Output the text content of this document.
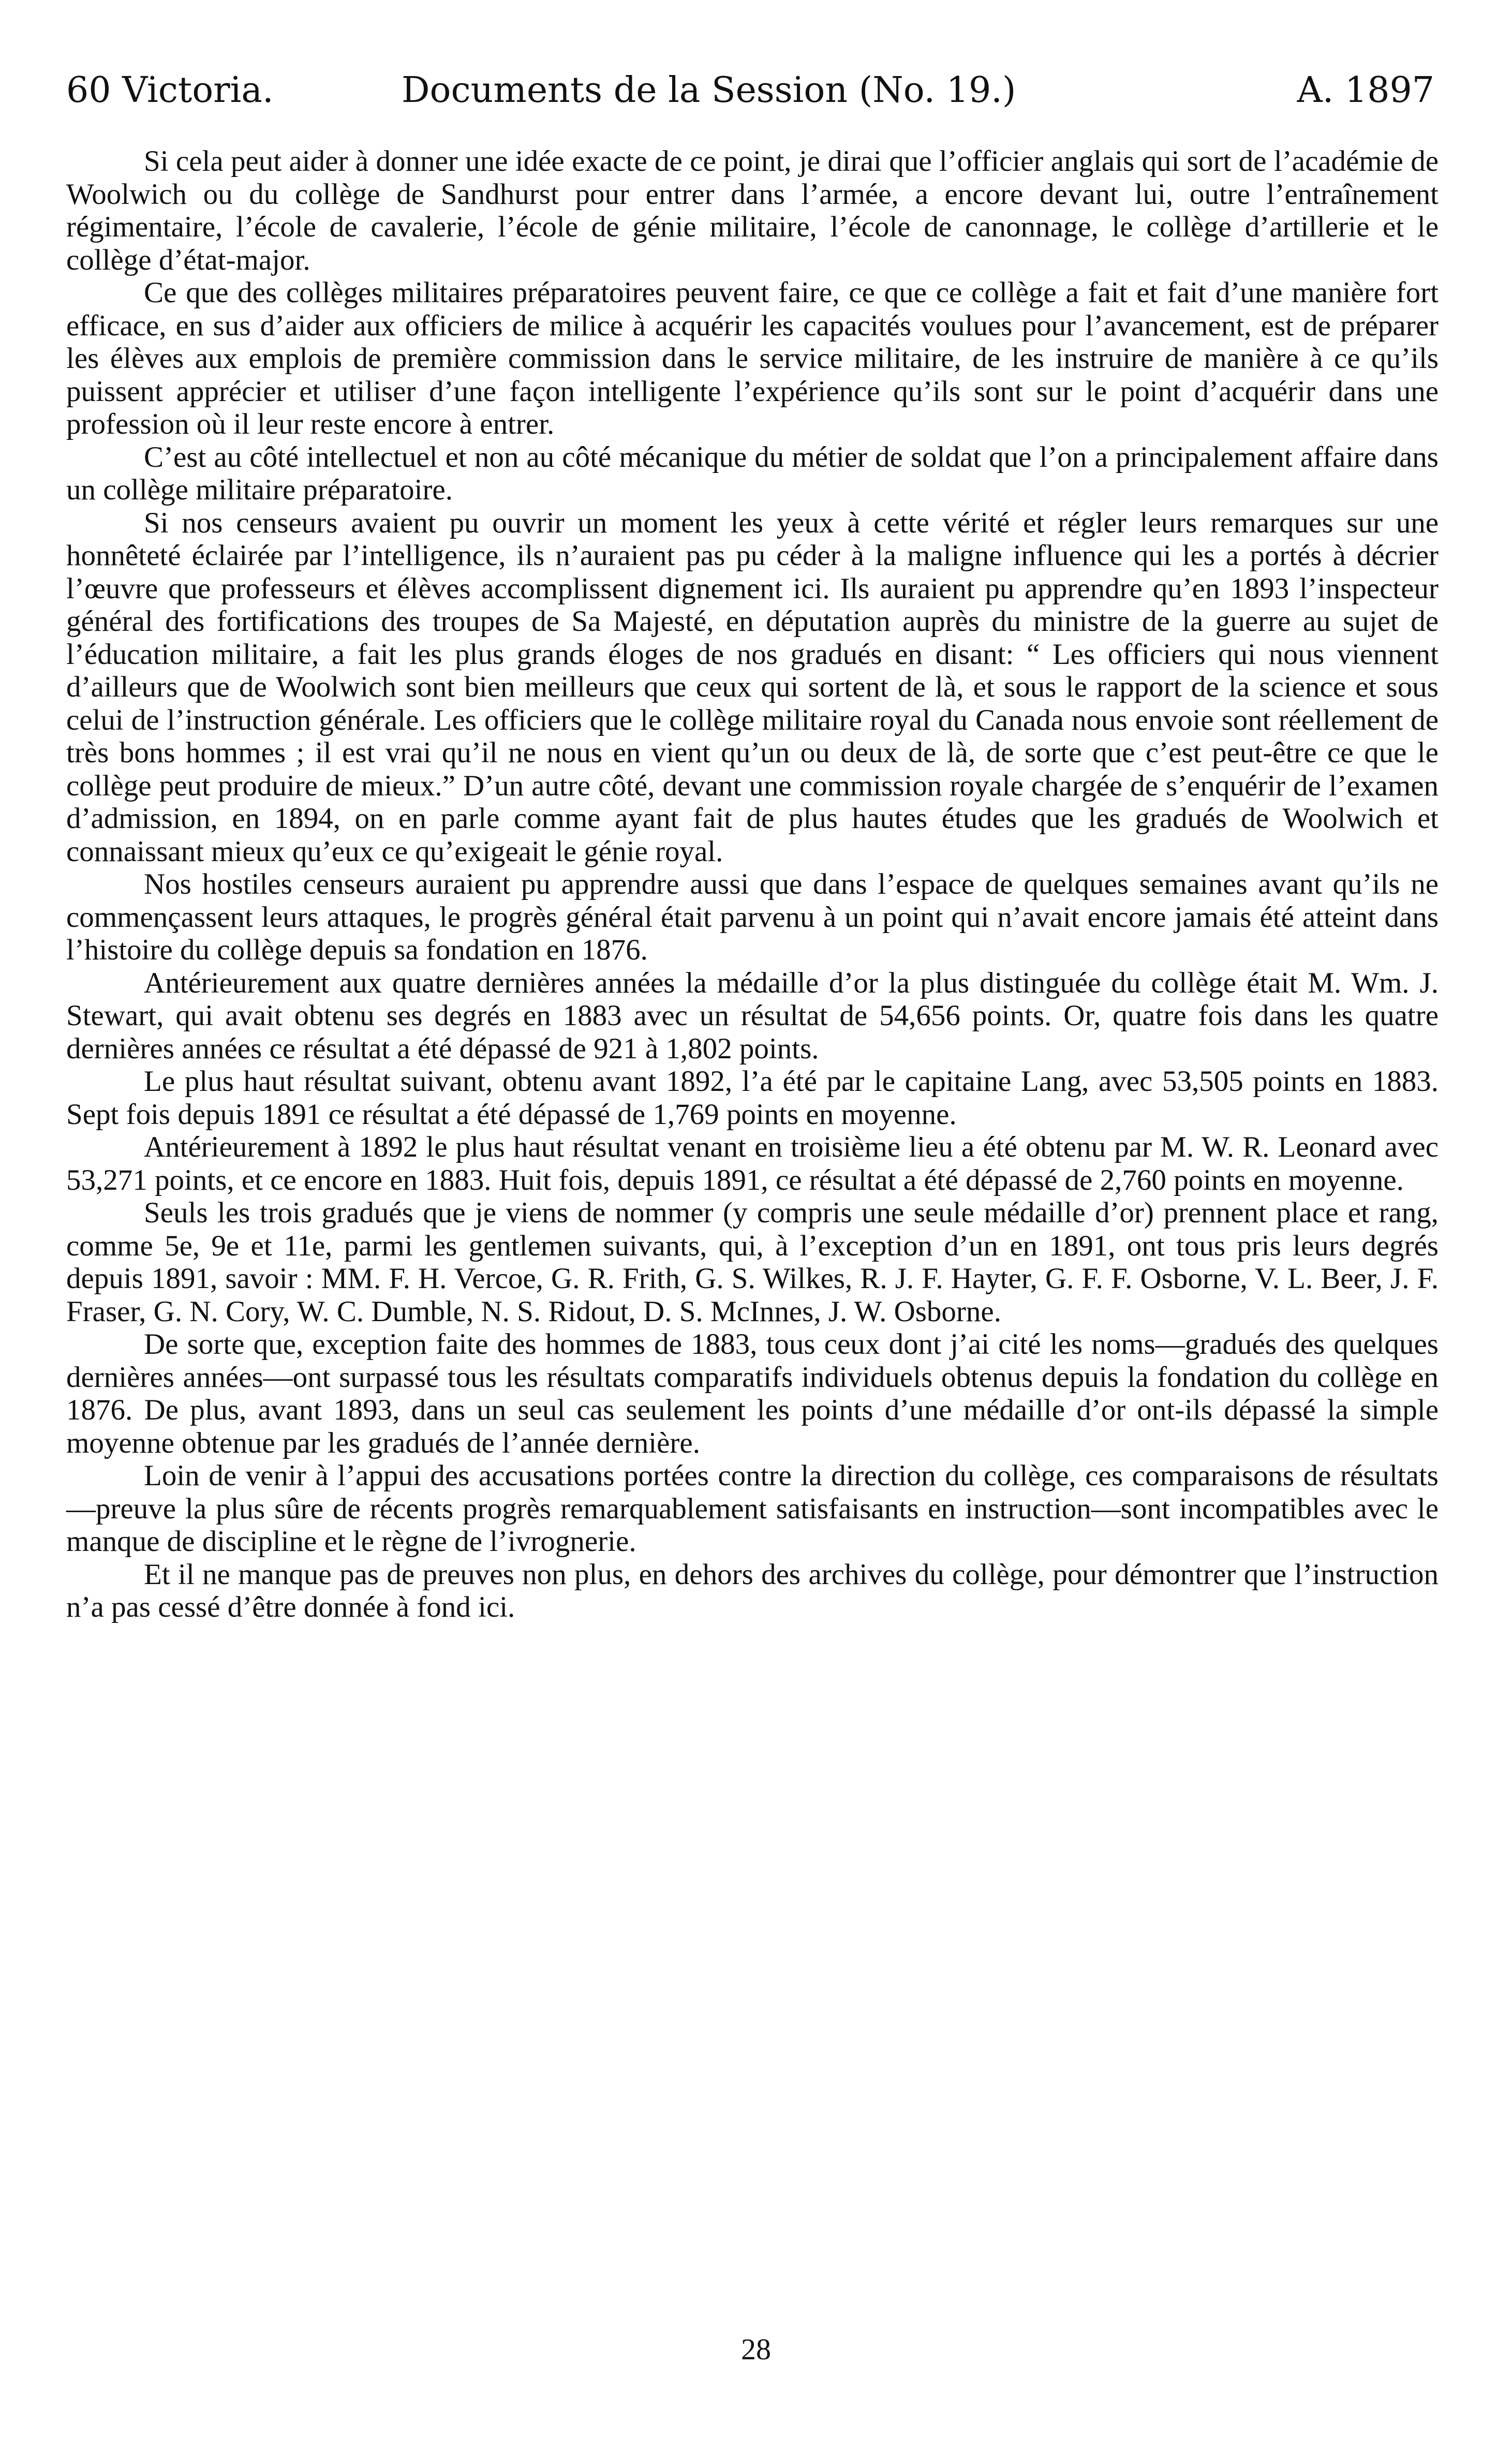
60 Victoria.	Documents de la Session (No. 19.)	A. 1897

Si cela peut aider à donner une idée exacte de ce point, je dirai que l’officier anglais qui sort de l’académie de Woolwich ou du collège de Sandhurst pour entrer dans l’armée, a encore devant lui, outre l’entraînement régimentaire, l’école de cavalerie, l’école de génie militaire, l’école de canonnage, le collège d’artillerie et le collège d’état-major.

Ce que des collèges militaires préparatoires peuvent faire, ce que ce collège a fait et fait d’une manière fort efficace, en sus d’aider aux officiers de milice à acquérir les capacités voulues pour l’avancement, est de préparer les élèves aux emplois de première commission dans le service militaire, de les instruire de manière à ce qu’ils puissent apprécier et utiliser d’une façon intelligente l’expérience qu’ils sont sur le point d’acquérir dans une profession où il leur reste encore à entrer.

C’est au côté intellectuel et non au côté mécanique du métier de soldat que l’on a principalement affaire dans un collège militaire préparatoire.

Si nos censeurs avaient pu ouvrir un moment les yeux à cette vérité et régler leurs remarques sur une honnêteté éclairée par l’intelligence, ils n’auraient pas pu céder à la maligne influence qui les a portés à décrier l’œuvre que professeurs et élèves accomplissent dignement ici. Ils auraient pu apprendre qu’en 1893 l’inspecteur général des fortifications des troupes de Sa Majesté, en députation auprès du ministre de la guerre au sujet de l’éducation militaire, a fait les plus grands éloges de nos gradués en disant: “ Les officiers qui nous viennent d’ailleurs que de Woolwich sont bien meilleurs que ceux qui sortent de là, et sous le rapport de la science et sous celui de l’instruction générale. Les officiers que le collège militaire royal du Canada nous envoie sont réellement de très bons hommes ; il est vrai qu’il ne nous en vient qu’un ou deux de là, de sorte que c’est peut-être ce que le collège peut produire de mieux.” D’un autre côté, devant une commission royale chargée de s’enquérir de l’examen d’admission, en 1894, on en parle comme ayant fait de plus hautes études que les gradués de Woolwich et connaissant mieux qu’eux ce qu’exigeait le génie royal.

Nos hostiles censeurs auraient pu apprendre aussi que dans l’espace de quelques semaines avant qu’ils ne commençassent leurs attaques, le progrès général était parvenu à un point qui n’avait encore jamais été atteint dans l’histoire du collège depuis sa fondation en 1876.

Antérieurement aux quatre dernières années la médaille d’or la plus distinguée du collège était M. Wm. J. Stewart, qui avait obtenu ses degrés en 1883 avec un résultat de 54,656 points. Or, quatre fois dans les quatre dernières années ce résultat a été dépassé de 921 à 1,802 points.

Le plus haut résultat suivant, obtenu avant 1892, l’a été par le capitaine Lang, avec 53,505 points en 1883. Sept fois depuis 1891 ce résultat a été dépassé de 1,769 points en moyenne.

Antérieurement à 1892 le plus haut résultat venant en troisième lieu a été obtenu par M. W. R. Leonard avec 53,271 points, et ce encore en 1883. Huit fois, depuis 1891, ce résultat a été dépassé de 2,760 points en moyenne.

Seuls les trois gradués que je viens de nommer (y compris une seule médaille d’or) prennent place et rang, comme 5e, 9e et 11e, parmi les gentlemen suivants, qui, à l’exception d’un en 1891, ont tous pris leurs degrés depuis 1891, savoir : MM. F. H. Vercoe, G. R. Frith, G. S. Wilkes, R. J. F. Hayter, G. F. F. Osborne, V. L. Beer, J. F. Fraser, G. N. Cory, W. C. Dumble, N. S. Ridout, D. S. McInnes, J. W. Osborne.

De sorte que, exception faite des hommes de 1883, tous ceux dont j’ai cité les noms—gradués des quelques dernières années—ont surpassé tous les résultats comparatifs individuels obtenus depuis la fondation du collège en 1876. De plus, avant 1893, dans un seul cas seulement les points d’une médaille d’or ont-ils dépassé la simple moyenne obtenue par les gradués de l’année dernière.

Loin de venir à l’appui des accusations portées contre la direction du collège, ces comparaisons de résultats—preuve la plus sûre de récents progrès remarquablement satisfaisants en instruction—sont incompatibles avec le manque de discipline et le règne de l’ivrognerie.

Et il ne manque pas de preuves non plus, en dehors des archives du collège, pour démontrer que l’instruction n’a pas cessé d’être donnée à fond ici.

28
